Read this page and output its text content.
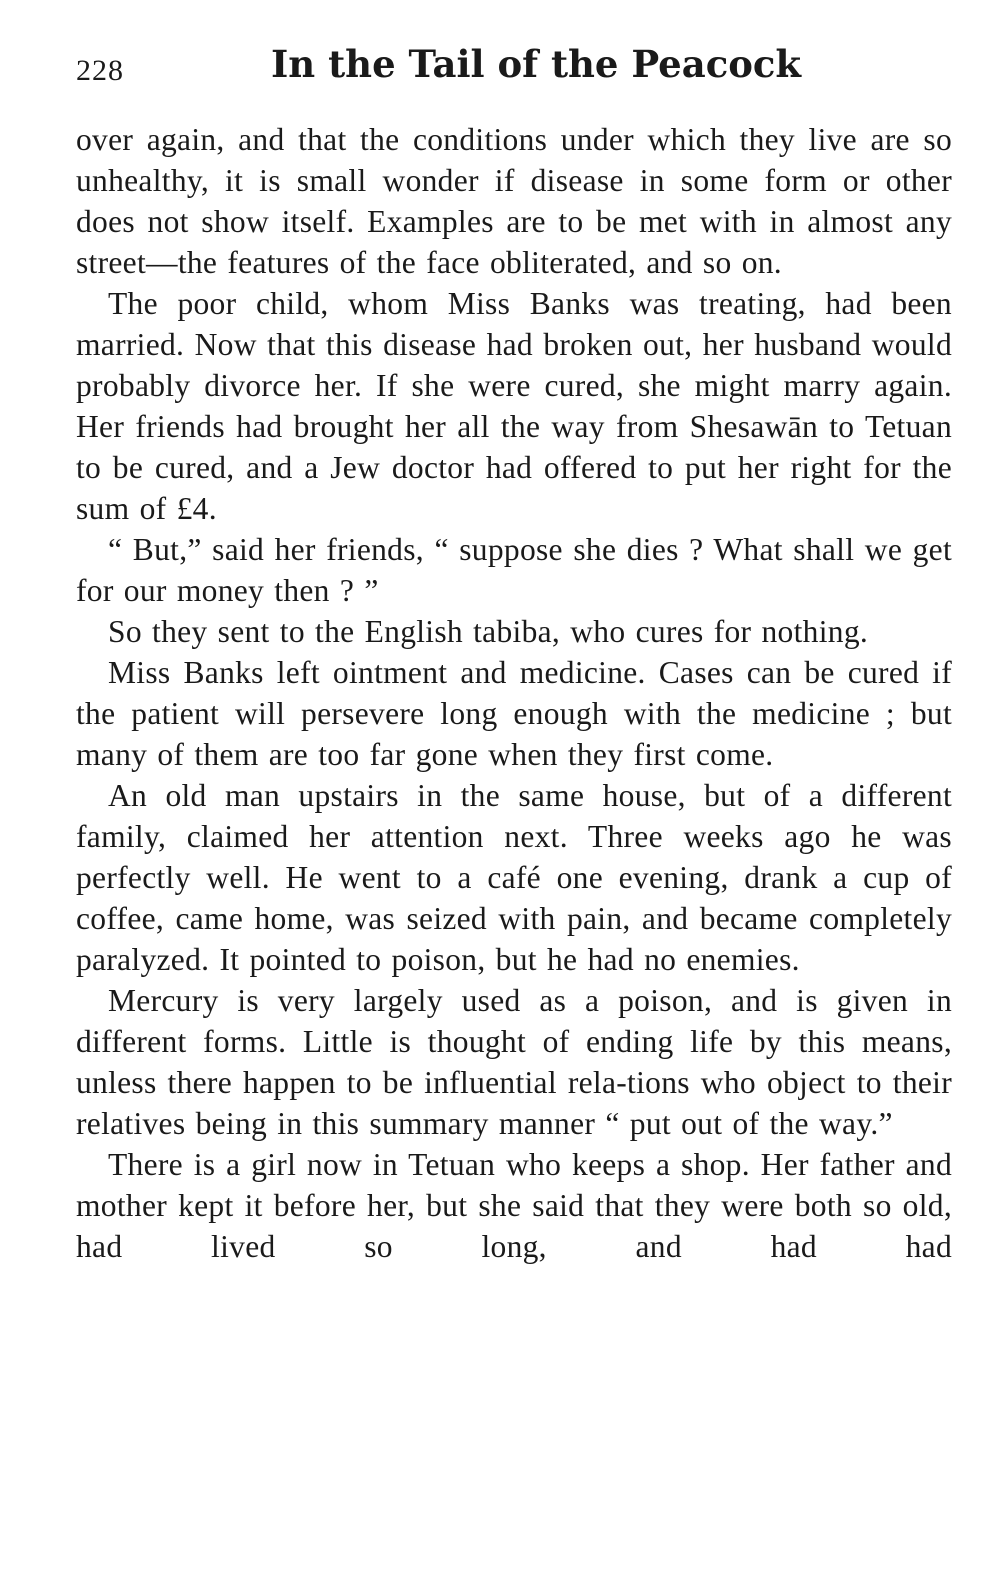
228	In the Tail of the Peacock

over again, and that the conditions under which they live are so unhealthy, it is small wonder if disease in some form or other does not show itself. Examples are to be met with in almost any street—the features of the face obliterated, and so on.

The poor child, whom Miss Banks was treating, had been married. Now that this disease had broken out, her husband would probably divorce her. If she were cured, she might marry again. Her friends had brought her all the way from Shesawān to Tetuan to be cured, and a Jew doctor had offered to put her right for the sum of £4.

“ But,” said her friends, “ suppose she dies ? What shall we get for our money then ? ”

So they sent to the English tabiba, who cures for nothing.

Miss Banks left ointment and medicine. Cases can be cured if the patient will persevere long enough with the medicine ; but many of them are too far gone when they first come.

An old man upstairs in the same house, but of a different family, claimed her attention next. Three weeks ago he was perfectly well. He went to a café one evening, drank a cup of coffee, came home, was seized with pain, and became completely paralyzed. It pointed to poison, but he had no enemies.

Mercury is very largely used as a poison, and is given in different forms. Little is thought of ending life by this means, unless there happen to be influential rela-tions who object to their relatives being in this summary manner “ put out of the way.”

There is a girl now in Tetuan who keeps a shop. Her father and mother kept it before her, but she said that they were both so old, had lived so long, and had had
